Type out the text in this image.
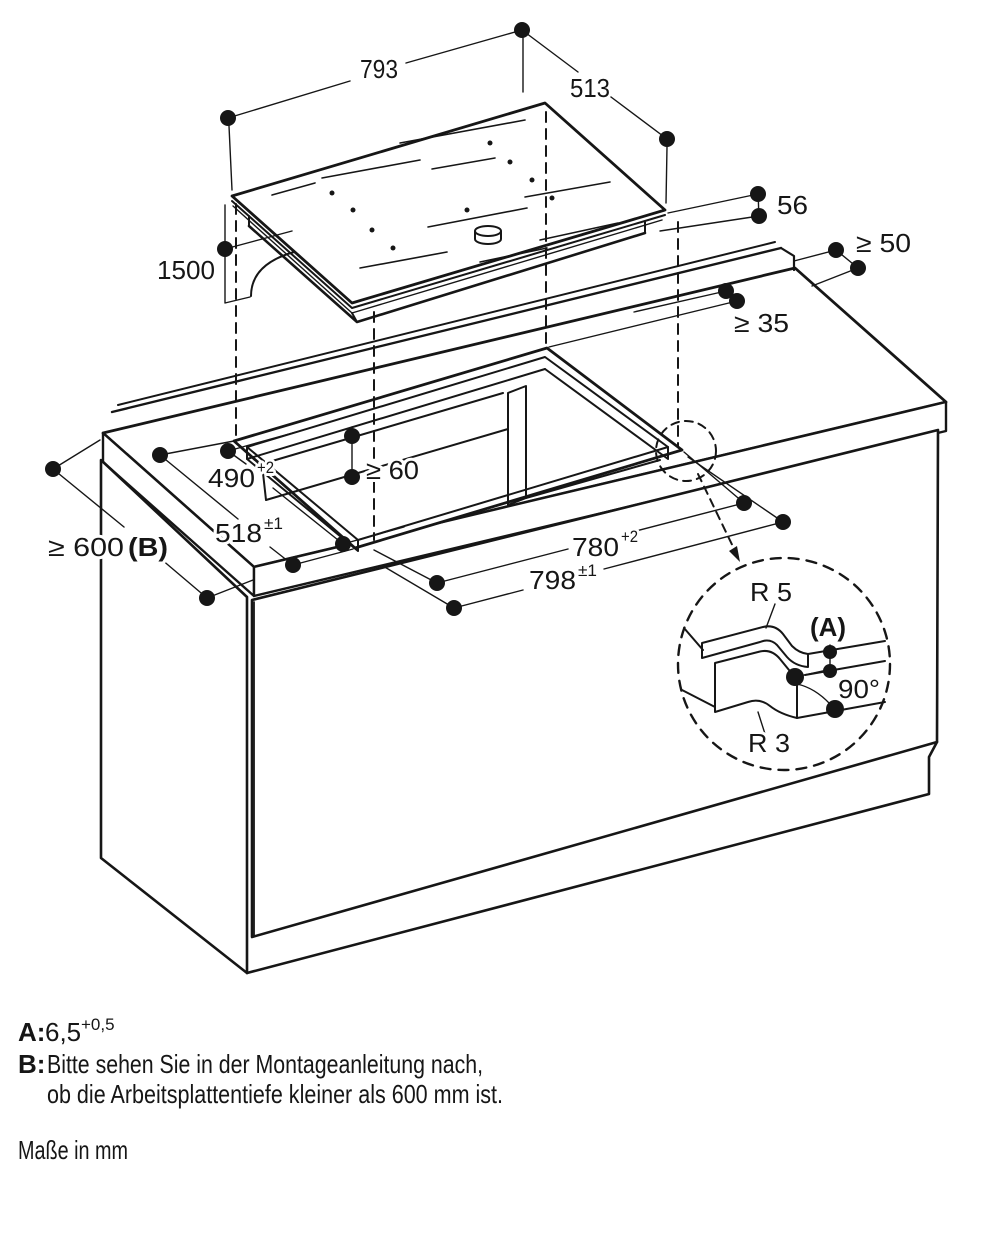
793
513
56
≥ 50
≥ 35
1500
≥ 600 (B) 518 ±1
490 +2	≥ 60
780 +2
798 ±1
R 5
(A)
90°
R 3
A: 6,5 +0,5
B: Bitte sehen Sie in der Montageanleitung nach,
ob die Arbeitsplattentiefe kleiner als 600 mm ist.
Maße in mm
